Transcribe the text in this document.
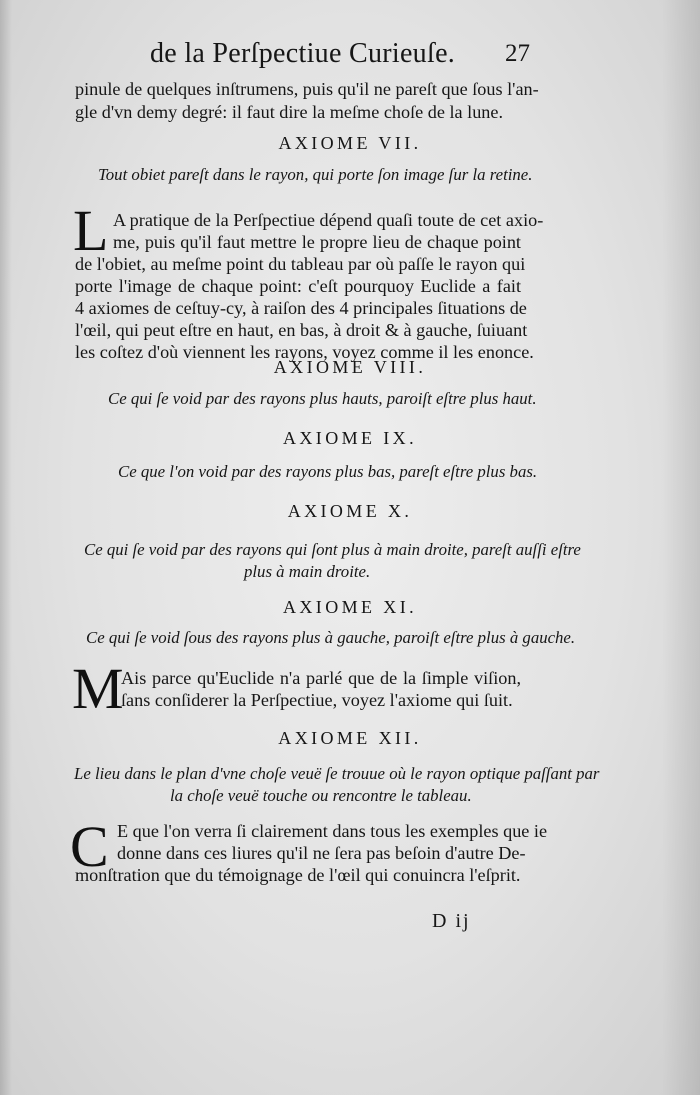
de la Perſpectiue Curieuſe. 27
pinule de quelques inſtrumens, puis qu'il ne pareſt que ſous l'an-
gle d'vn demy degré: il faut dire la meſme choſe de la lune.
AXIOME VII.
Tout obiet pareſt dans le rayon, qui porte ſon image ſur la retine.
L A pratique de la Perſpectiue dépend quaſi toute de cet axio-
me, puis qu'il faut mettre le propre lieu de chaque point
de l'obiet, au meſme point du tableau par où paſſe le rayon qui
porte l'image de chaque point: c'eſt pourquoy Euclide a fait
4 axiomes de ceſtuy-cy, à raiſon des 4 principales ſituations de
l'œil, qui peut eſtre en haut, en bas, à droit & à gauche, ſuiuant
les coſtez d'où viennent les rayons, voyez comme il les enonce.
AXIOME VIII.
Ce qui ſe void par des rayons plus hauts, paroiſt eſtre plus haut.
AXIOME IX.
Ce que l'on void par des rayons plus bas, pareſt eſtre plus bas.
AXIOME X.
Ce qui ſe void par des rayons qui ſont plus à main droite, pareſt auſſi eſtre
plus à main droite.
AXIOME XI.
Ce qui ſe void ſous des rayons plus à gauche, paroiſt eſtre plus à gauche.
M
Ais parce qu'Euclide n'a parlé que de la ſimple viſion,
ſans conſiderer la Perſpectiue, voyez l'axiome qui ſuit.
AXIOME XII.
Le lieu dans le plan d'vne choſe veuë ſe trouue où le rayon optique paſſant par
la choſe veuë touche ou rencontre le tableau.
C E que l'on verra ſi clairement dans tous les exemples que ie
donne dans ces liures qu'il ne ſera pas beſoin d'autre De-
monſtration que du témoignage de l'œil qui conuincra l'eſprit.
D ij
